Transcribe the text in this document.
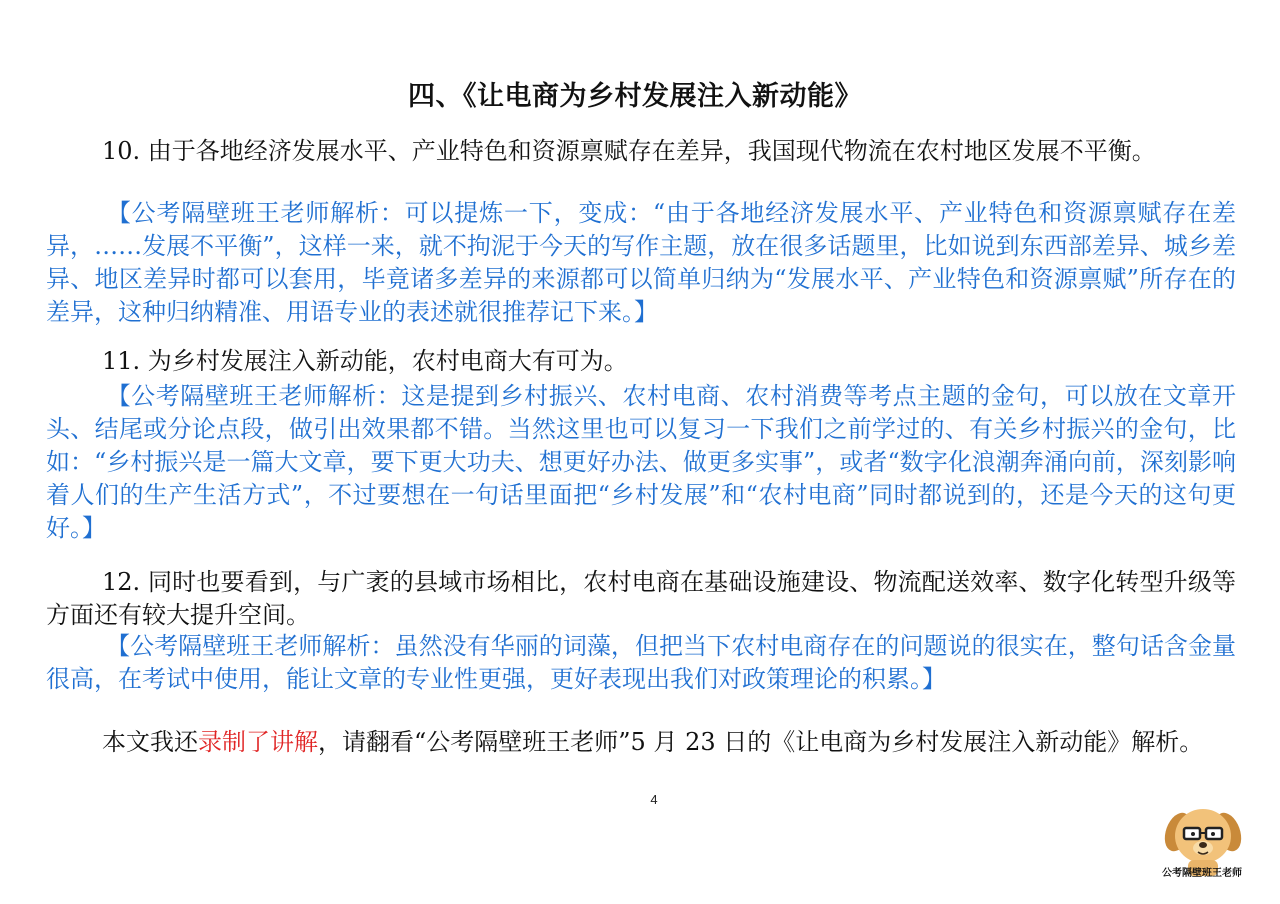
四、《让电商为乡村发展注入新动能》

10. 由于各地经济发展水平、产业特色和资源禀赋存在差异，我国现代物流在农村地区发展不平衡。

【公考隔壁班王老师解析：可以提炼一下，变成：“由于各地经济发展水平、产业特色和资源禀赋存在差异，……发展不平衡”，这样一来，就不拘泥于今天的写作主题，放在很多话题里，比如说到东西部差异、城乡差异、地区差异时都可以套用，毕竟诸多差异的来源都可以简单归纳为“发展水平、产业特色和资源禀赋”所存在的差异，这种归纳精准、用语专业的表述就很推荐记下来。】

11. 为乡村发展注入新动能，农村电商大有可为。

【公考隔壁班王老师解析：这是提到乡村振兴、农村电商、农村消费等考点主题的金句，可以放在文章开头、结尾或分论点段，做引出效果都不错。当然这里也可以复习一下我们之前学过的、有关乡村振兴的金句，比如：“乡村振兴是一篇大文章，要下更大功夫、想更好办法、做更多实事”，或者“数字化浪潮奔涌向前，深刻影响着人们的生产生活方式”，不过要想在一句话里面把“乡村发展”和“农村电商”同时都说到的，还是今天的这句更好。】

12. 同时也要看到，与广袤的县域市场相比，农村电商在基础设施建设、物流配送效率、数字化转型升级等方面还有较大提升空间。

【公考隔壁班王老师解析：虽然没有华丽的词藻，但把当下农村电商存在的问题说的很实在，整句话含金量很高，在考试中使用，能让文章的专业性更强，更好表现出我们对政策理论的积累。】

本文我还录制了讲解，请翻看“公考隔壁班王老师”5 月 23 日的《让电商为乡村发展注入新动能》解析。

4
公考隔壁班王老师
